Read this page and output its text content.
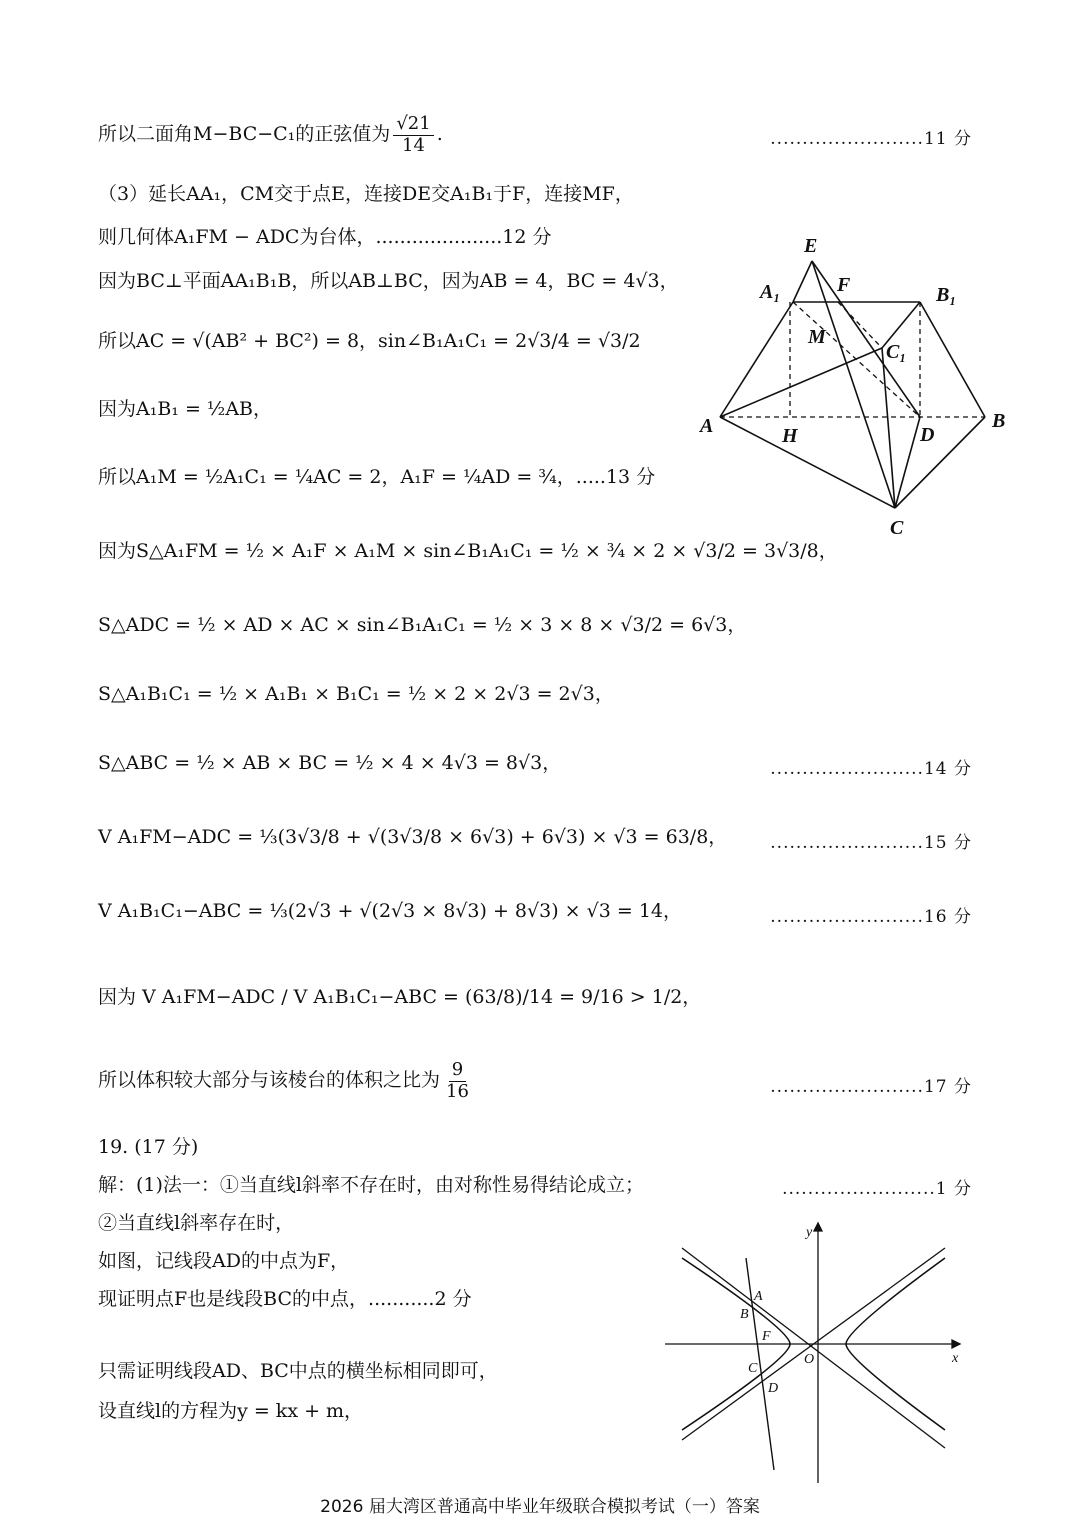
所以二面角M−BC−C₁的正弦值为 $\frac{√21}{14}$ .	........................11 分
（3）延长AA₁，CM交于点E，连接DE交A₁B₁于F，连接MF，
则几何体A₁FM − ADC为台体，.....................12 分
因为BC⊥平面AA₁B₁B，所以AB⊥BC，因为AB = 4，BC = 4√3，
所以AC = √(AB² + BC²) = 8，sin∠B₁A₁C₁ = 2√3/4 = √3/2
因为A₁B₁ = ½AB，
所以A₁M = ½A₁C₁ = ¼AC = 2，A₁F = ¼AD = ¾，.....13 分
因为S△A₁FM = ½ × A₁F × A₁M × sin∠B₁A₁C₁ = ½ × ¾ × 2 × √3/2 = 3√3/8，
S△ADC = ½ × AD × AC × sin∠B₁A₁C₁ = ½ × 3 × 8 × √3/2 = 6√3，
S△A₁B₁C₁ = ½ × A₁B₁ × B₁C₁ = ½ × 2 × 2√3 = 2√3，
S△ABC = ½ × AB × BC = ½ × 4 × 4√3 = 8√3，	........................14 分
V A₁FM−ADC = ⅓(3√3/8 + √(3√3/8 × 6√3) + 6√3) × √3 = 63/8，	........................15 分
V A₁B₁C₁−ABC = ⅓(2√3 + √(2√3 × 8√3) + 8√3) × √3 = 14，	........................16 分
因为 V A₁FM−ADC / V A₁B₁C₁−ABC = (63/8)/14 = 9/16 > 1/2，
所以体积较大部分与该棱台的体积之比为 $\frac{9}{16}$	........................17 分
19. (17 分)
解：(1)法一：①当直线l斜率不存在时，由对称性易得结论成立；	........................1 分
②当直线l斜率存在时，
如图，记线段AD的中点为F，
现证明点F也是线段BC的中点，...........2 分
只需证明线段AD、BC中点的横坐标相同即可，
设直线l的方程为y = kx + m，
E
A₁	F	B₁
M
C₁
A	H	D
B
C
y
x
O
A
B
F
C
D
2026 届大湾区普通高中毕业年级联合模拟考试（一）答案
